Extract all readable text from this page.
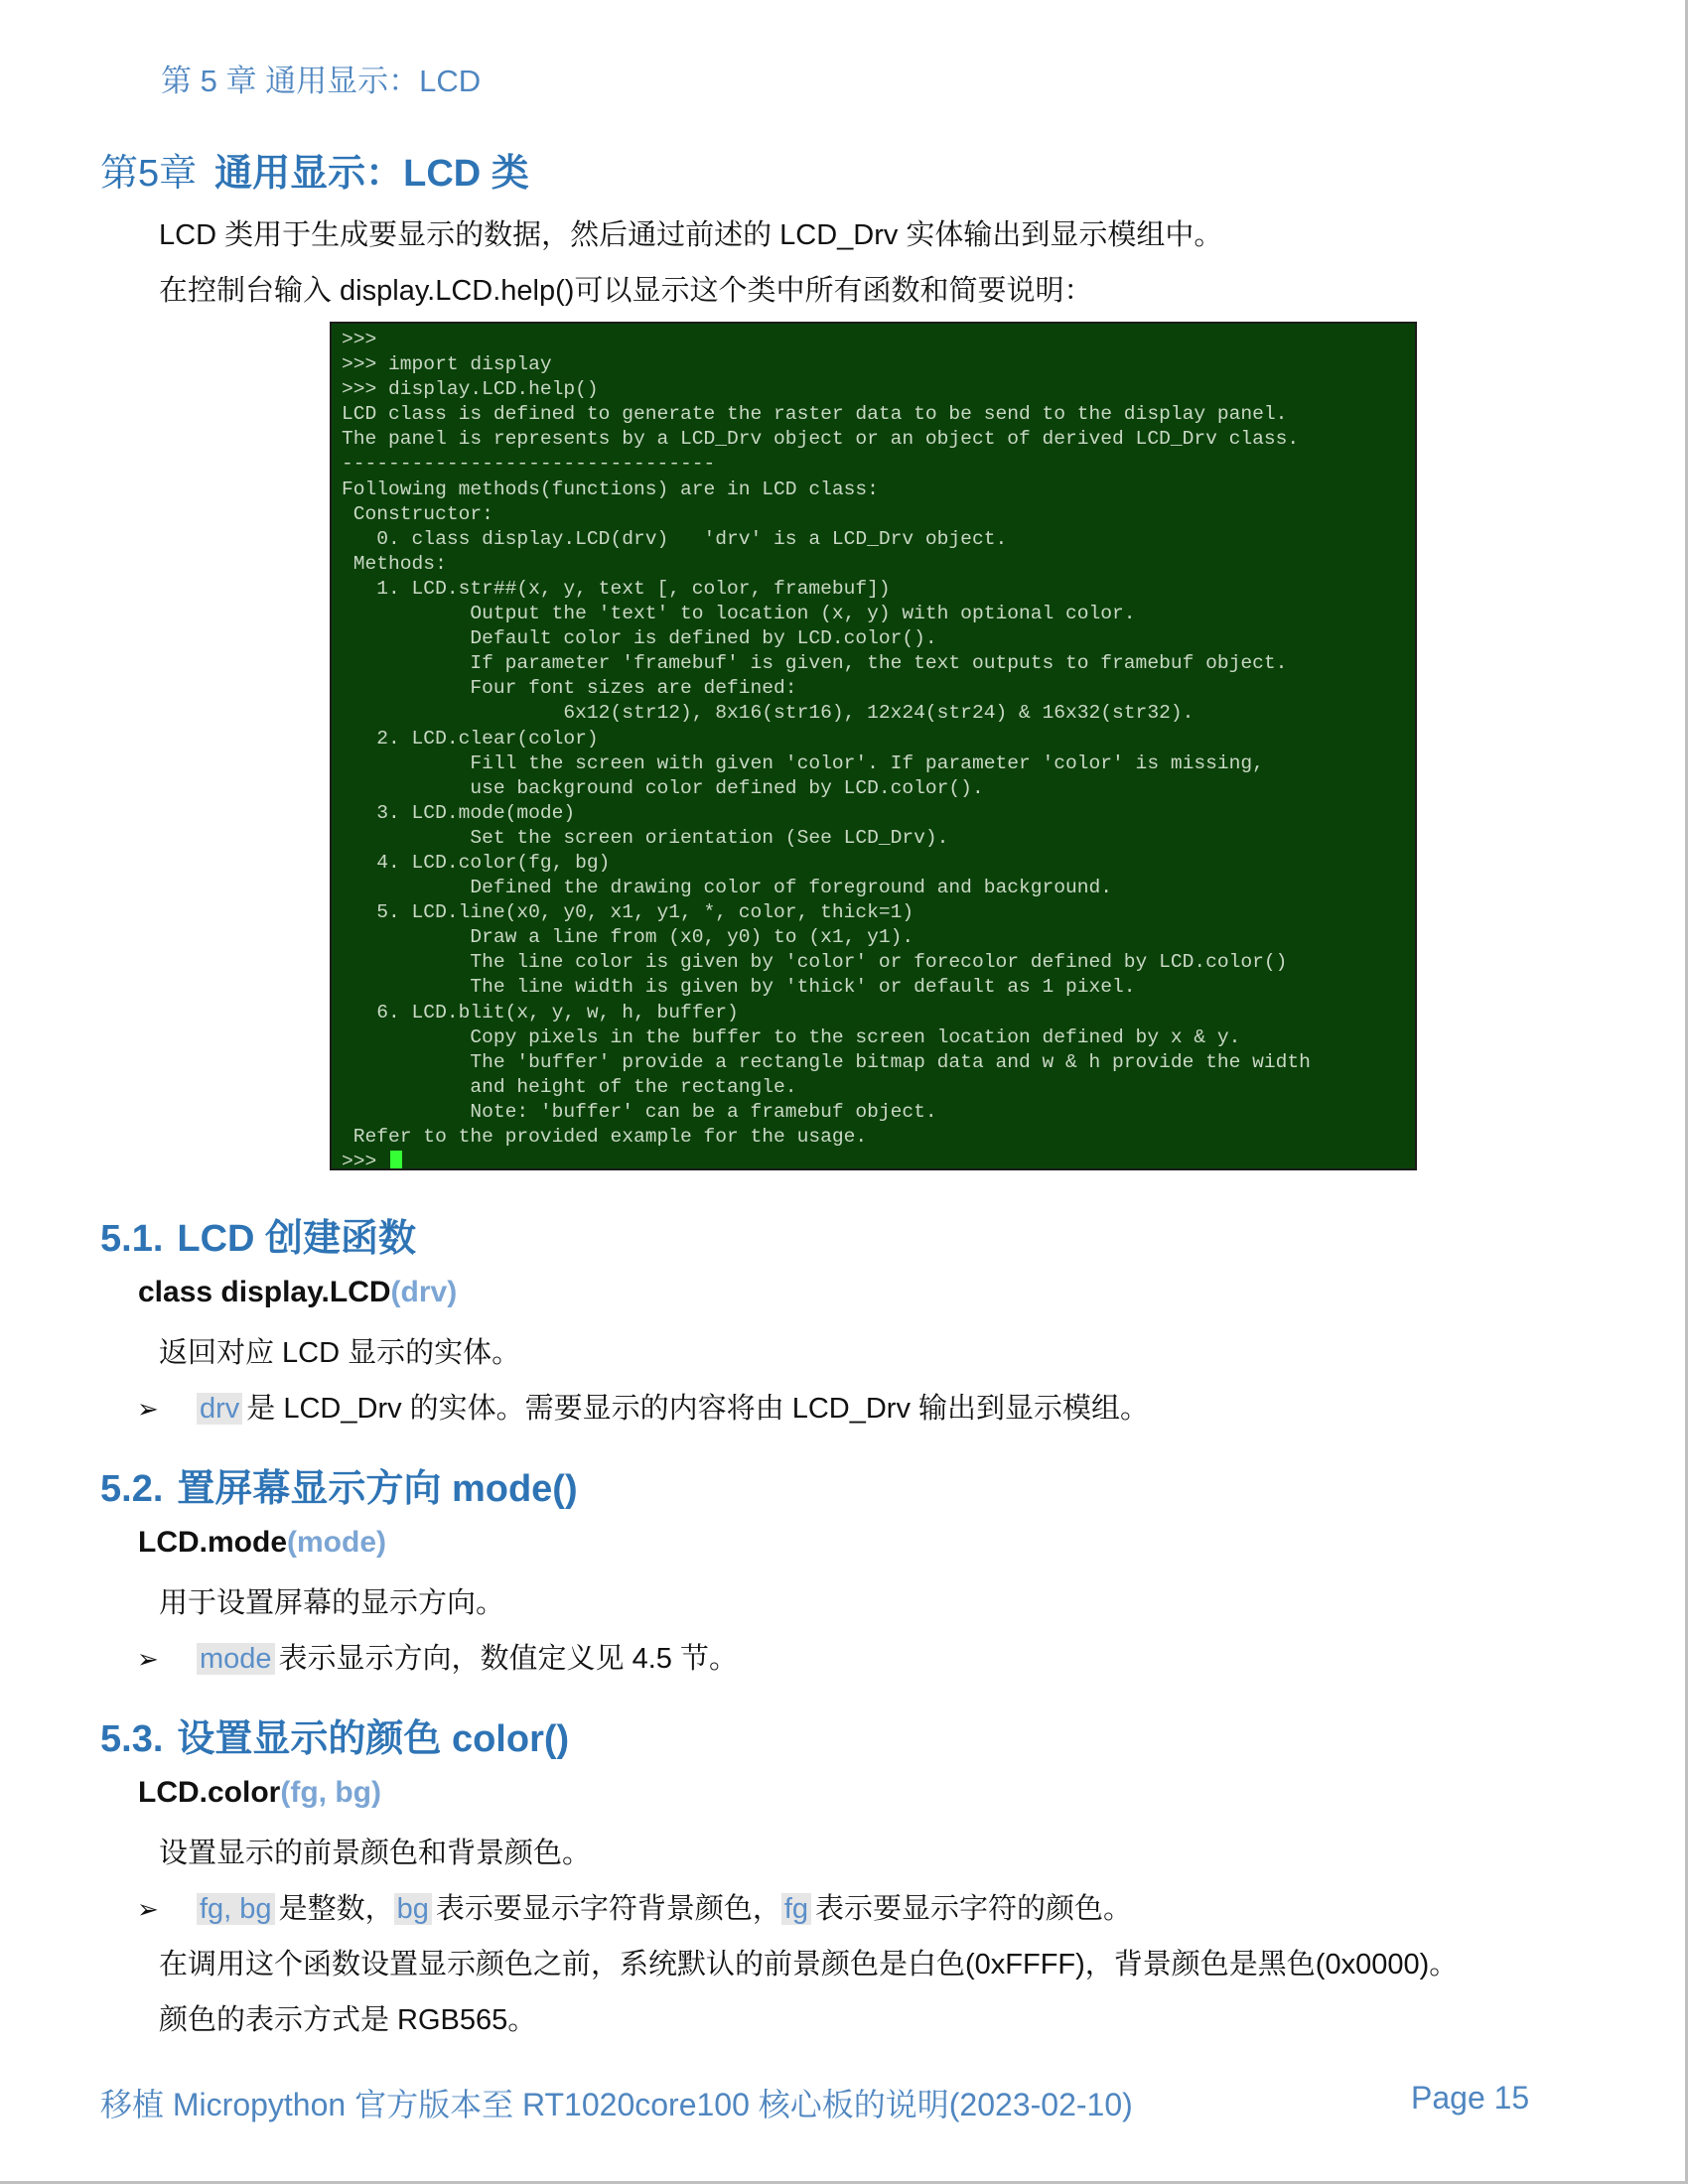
第 5 章 通用显示：LCD
第5章 通用显示：LCD 类
LCD 类用于生成要显示的数据，然后通过前述的 LCD_Drv 实体输出到显示模组中。
在控制台输入 display.LCD.help()可以显示这个类中所有函数和简要说明：
>>>
>>> import display
>>> display.LCD.help()
LCD class is defined to generate the raster data to be send to the display panel.
The panel is represents by a LCD_Drv object or an object of derived LCD_Drv class.
--------------------------------
Following methods(functions) are in LCD class:
Constructor:
0. class display.LCD(drv)   'drv' is a LCD_Drv object.
Methods:
1. LCD.str##(x, y, text [, color, framebuf])
Output the 'text' to location (x, y) with optional color.
Default color is defined by LCD.color().
If parameter 'framebuf' is given, the text outputs to framebuf object.
Four font sizes are defined:
6x12(str12), 8x16(str16), 12x24(str24) & 16x32(str32).
2. LCD.clear(color)
Fill the screen with given 'color'. If parameter 'color' is missing,
use background color defined by LCD.color().
3. LCD.mode(mode)
Set the screen orientation (See LCD_Drv).
4. LCD.color(fg, bg)
Defined the drawing color of foreground and background.
5. LCD.line(x0, y0, x1, y1, *, color, thick=1)
Draw a line from (x0, y0) to (x1, y1).
The line color is given by 'color' or forecolor defined by LCD.color()
The line width is given by 'thick' or default as 1 pixel.
6. LCD.blit(x, y, w, h, buffer)
Copy pixels in the buffer to the screen location defined by x & y.
The 'buffer' provide a rectangle bitmap data and w & h provide the width
and height of the rectangle.
Note: 'buffer' can be a framebuf object.
Refer to the provided example for the usage.
>>>
5.1. LCD 创建函数
class display.LCD(drv)
返回对应 LCD 显示的实体。
➢ drv 是 LCD_Drv 的实体。需要显示的内容将由 LCD_Drv 输出到显示模组。
5.2. 置屏幕显示方向 mode()
LCD.mode(mode)
用于设置屏幕的显示方向。
➢ mode 表示显示方向，数值定义见 4.5 节。
5.3. 设置显示的颜色 color()
LCD.color(fg, bg)
设置显示的前景颜色和背景颜色。
➢ fg, bg 是整数， bg 表示要显示字符背景颜色， fg 表示要显示字符的颜色。
在调用这个函数设置显示颜色之前，系统默认的前景颜色是白色(0xFFFF)，背景颜色是黑色(0x0000)。
颜色的表示方式是 RGB565。
移植 Micropython 官方版本至 RT1020core100 核心板的说明(2023-02-10)	Page 15
